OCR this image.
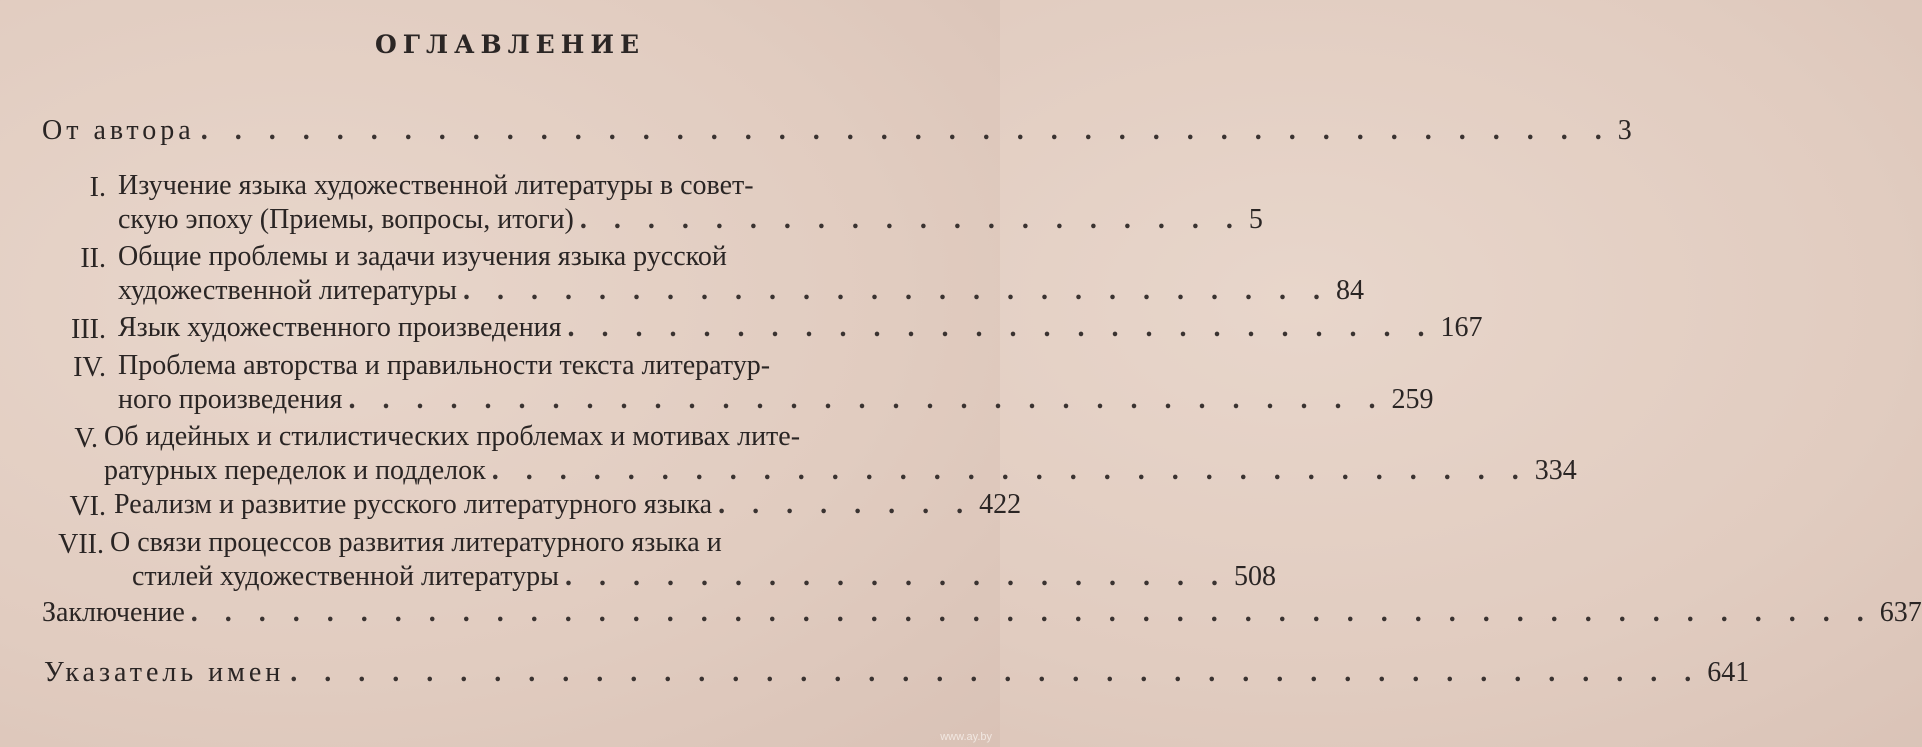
ОГЛАВЛЕНИЕ
От автора . . . . . . . . . . . . . . . . . . . . . . . . . . . . . . . . . . . . . . . . . . 3
I. Изучение языка художественной литературы в совет-
скую эпоху (Приемы, вопросы, итоги) . . . . . . . . . . . . . . . . . . . . 5
II. Общие проблемы и задачи изучения языка русской
художественной литературы . . . . . . . . . . . . . . . . . . . . . . . . . . 84
III. Язык художественного произведения . . . . . . . . . . . . . . . . . . . . . . . . . . 167
IV. Проблема авторства и правильности текста литератур-
ного произведения . . . . . . . . . . . . . . . . . . . . . . . . . . . . . . . 259
V. Об идейных и стилистических проблемах и мотивах лите-
ратурных переделок и подделок . . . . . . . . . . . . . . . . . . . . . . . . . . . . . . . 334
VI. Реализм и развитие русского литературного языка . . . . . . . . 422
VII. О связи процессов развития литературного языка и
стилей художественной литературы . . . . . . . . . . . . . . . . . . . . 508
Заключение . . . . . . . . . . . . . . . . . . . . . . . . . . . . . . . . . . . . . . . . . . . . . . . . . . 637
Указатель имен . . . . . . . . . . . . . . . . . . . . . . . . . . . . . . . . . . . . . . . . . . 641
www.ay.by
